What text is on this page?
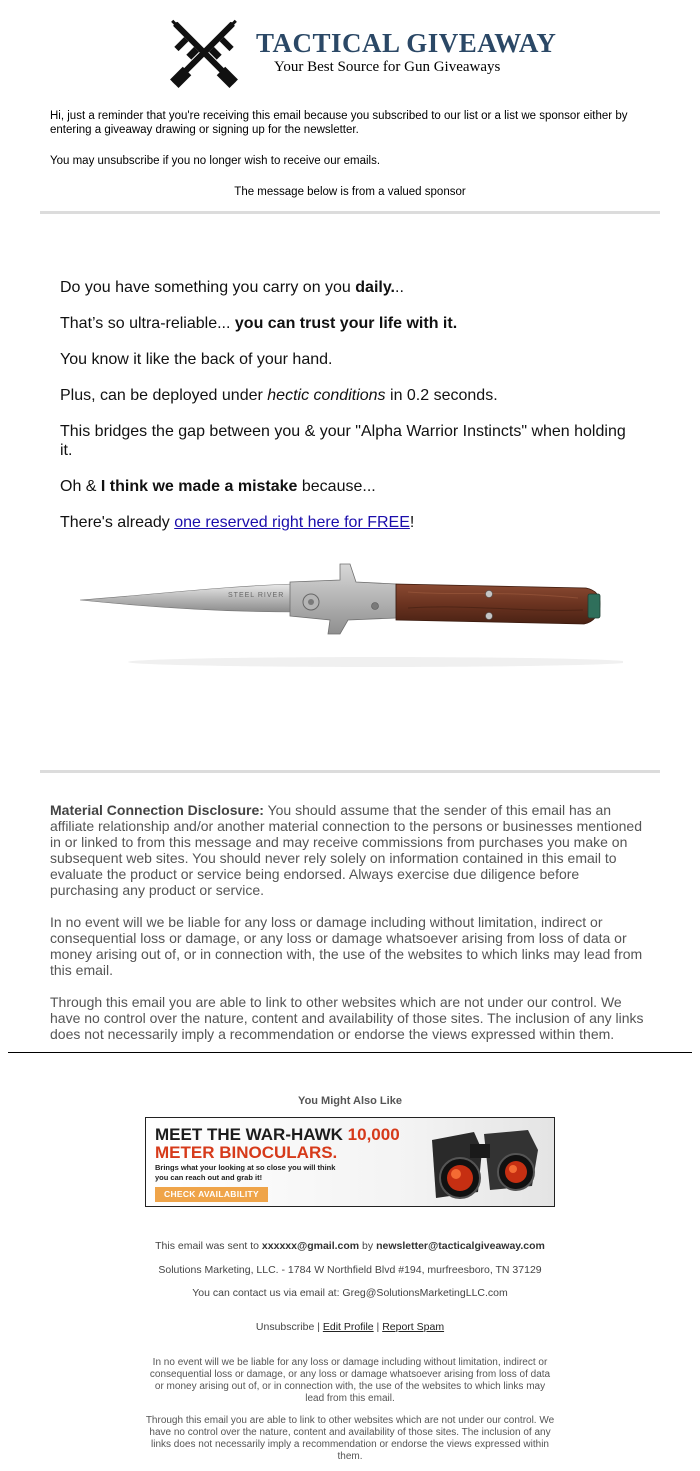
TACTICAL GIVEAWAY
Your Best Source for Gun Giveaways

Hi, just a reminder that you're receiving this email because you subscribed to our list or a list we sponsor either by entering a giveaway drawing or signing up for the newsletter.

You may unsubscribe if you no longer wish to receive our emails.

The message below is from a valued sponsor

Do you have something you carry on you daily...

That’s so ultra-reliable... you can trust your life with it.

You know it like the back of your hand.

Plus, can be deployed under hectic conditions in 0.2 seconds.

This bridges the gap between you & your "Alpha Warrior Instincts" when holding it.

Oh & I think we made a mistake because...

There's already one reserved right here for FREE!

STEEL RIVER

Material Connection Disclosure: You should assume that the sender of this email has an affiliate relationship and/or another material connection to the persons or businesses mentioned in or linked to from this message and may receive commissions from purchases you make on subsequent web sites. You should never rely solely on information contained in this email to evaluate the product or service being endorsed. Always exercise due diligence before purchasing any product or service.

In no event will we be liable for any loss or damage including without limitation, indirect or consequential loss or damage, or any loss or damage whatsoever arising from loss of data or money arising out of, or in connection with, the use of the websites to which links may lead from this email.

Through this email you are able to link to other websites which are not under our control. We have no control over the nature, content and availability of those sites. The inclusion of any links does not necessarily imply a recommendation or endorse the views expressed within them.

You Might Also Like
MEET THE WAR-HAWK 10,000
METER BINOCULARS.
Brings what your looking at so close you will think you can reach out and grab it!
CHECK AVAILABILITY
This email was sent to xxxxxx@gmail.com by newsletter@tacticalgiveaway.com
Solutions Marketing, LLC. - 1784 W Northfield Blvd #194, murfreesboro, TN 37129
You can contact us via email at: Greg@SolutionsMarketingLLC.com
Unsubscribe | Edit Profile | Report Spam
In no event will we be liable for any loss or damage including without limitation, indirect or consequential loss or damage, or any loss or damage whatsoever arising from loss of data or money arising out of, or in connection with, the use of the websites to which links may lead from this email.
Through this email you are able to link to other websites which are not under our control. We have no control over the nature, content and availability of those sites. The inclusion of any links does not necessarily imply a recommendation or endorse the views expressed within them.
